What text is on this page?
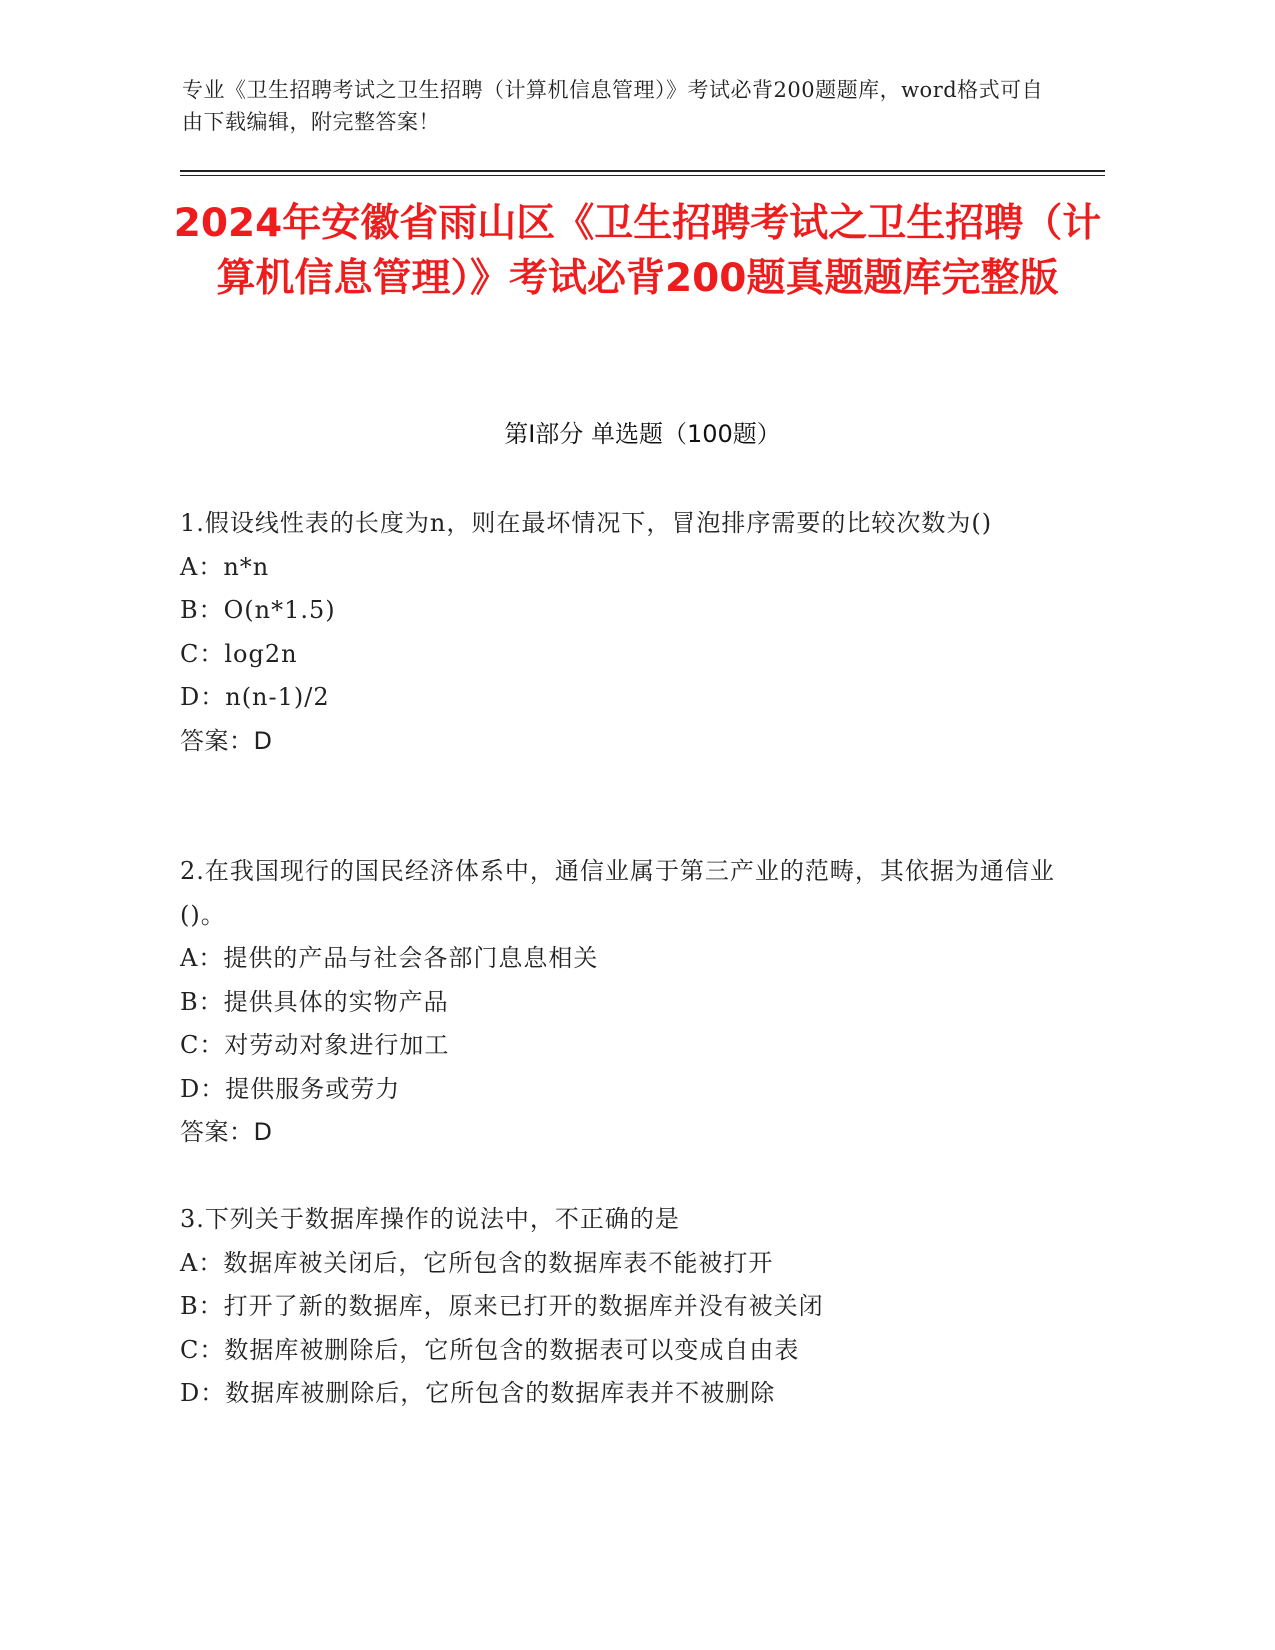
专业《卫生招聘考试之卫生招聘（计算机信息管理）》考试必背200题题库，word格式可自由下载编辑，附完整答案！
2024年安徽省雨山区《卫生招聘考试之卫生招聘（计算机信息管理）》考试必背200题真题题库完整版
第Ⅰ部分 单选题（100题）
1.假设线性表的长度为n，则在最坏情况下，冒泡排序需要的比较次数为()
A：n*n
B：O(n*1.5)
C：log2n
D：n(n-1)/2
答案：D
2.在我国现行的国民经济体系中，通信业属于第三产业的范畴，其依据为通信业()。
A：提供的产品与社会各部门息息相关
B：提供具体的实物产品
C：对劳动对象进行加工
D：提供服务或劳力
答案：D
3.下列关于数据库操作的说法中，不正确的是
A：数据库被关闭后，它所包含的数据库表不能被打开
B：打开了新的数据库，原来已打开的数据库并没有被关闭
C：数据库被删除后，它所包含的数据表可以变成自由表
D：数据库被删除后，它所包含的数据库表并不被删除
